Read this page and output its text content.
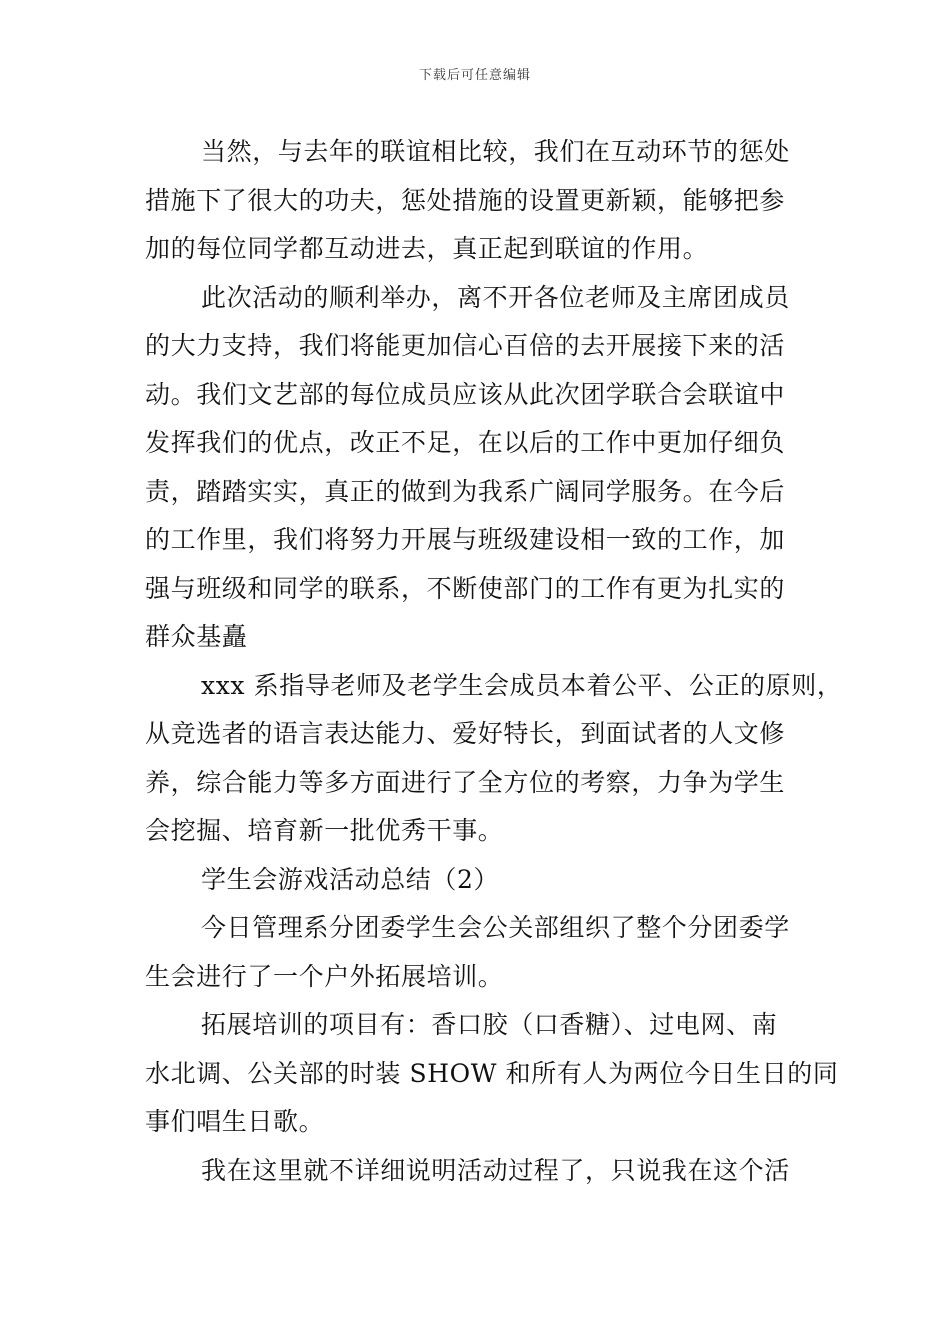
下载后可任意编辑
当然，与去年的联谊相比较，我们在互动环节的惩处
措施下了很大的功夫，惩处措施的设置更新颖，能够把参
加的每位同学都互动进去，真正起到联谊的作用。
此次活动的顺利举办，离不开各位老师及主席团成员
的大力支持，我们将能更加信心百倍的去开展接下来的活
动。我们文艺部的每位成员应该从此次团学联合会联谊中
发挥我们的优点，改正不足，在以后的工作中更加仔细负
责，踏踏实实，真正的做到为我系广阔同学服务。在今后
的工作里，我们将努力开展与班级建设相一致的工作，加
强与班级和同学的联系，不断使部门的工作有更为扎实的
群众基矗
xxx 系指导老师及老学生会成员本着公平、公正的原则，
从竞选者的语言表达能力、爱好特长，到面试者的人文修
养，综合能力等多方面进行了全方位的考察，力争为学生
会挖掘、培育新一批优秀干事。
学生会游戏活动总结（2）
今日管理系分团委学生会公关部组织了整个分团委学
生会进行了一个户外拓展培训。
拓展培训的项目有：香口胶（口香糖）、过电网、南
水北调、公关部的时装 SHOW 和所有人为两位今日生日的同
事们唱生日歌。
我在这里就不详细说明活动过程了，只说我在这个活
